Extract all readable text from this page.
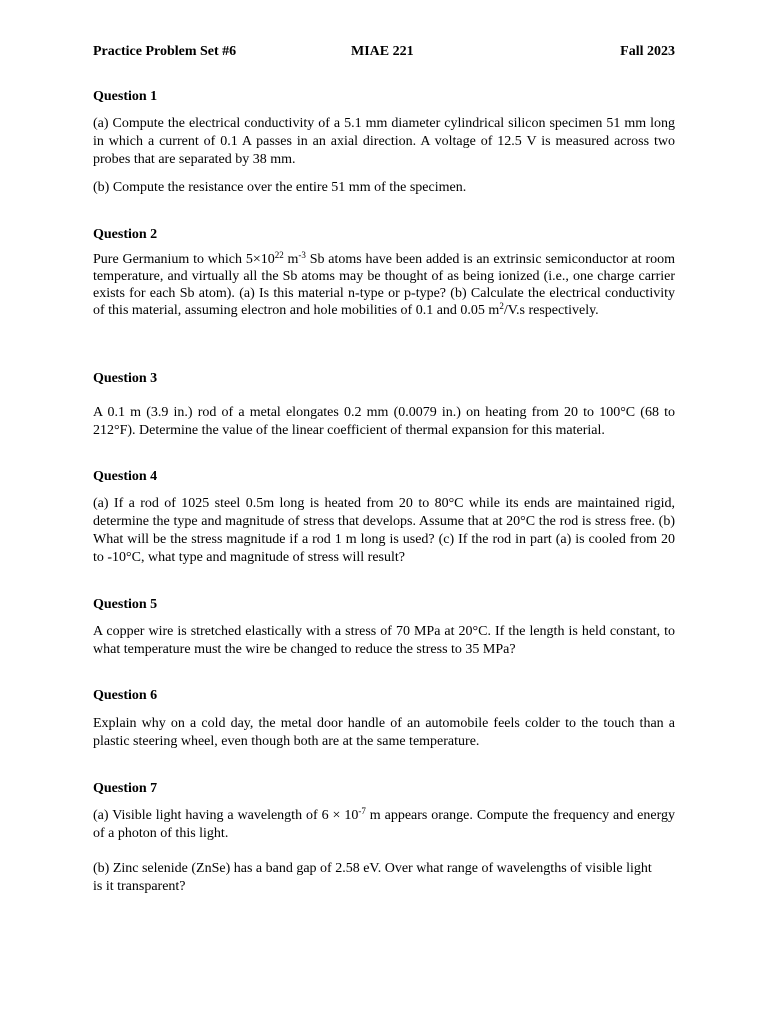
Practice Problem Set #6	MIAE 221	Fall 2023
Question 1

(a) Compute the electrical conductivity of a 5.1 mm diameter cylindrical silicon specimen 51 mm long in which a current of 0.1 A passes in an axial direction. A voltage of 12.5 V is measured across two probes that are separated by 38 mm.

(b) Compute the resistance over the entire 51 mm of the specimen.

Question 2

Pure Germanium to which $5\times 10^{22}$ $m^{-3}$ Sb atoms have been added is an extrinsic semiconductor at room temperature, and virtually all the Sb atoms may be thought of as being ionized (i.e., one charge carrier exists for each Sb atom). (a) Is this material n-type or p-type? (b) Calculate the electrical conductivity of this material, assuming electron and hole mobilities of 0.1 and 0.05 $m^2/V.s$ respectively.

Question 3

A 0.1 m (3.9 in.) rod of a metal elongates 0.2 mm (0.0079 in.) on heating from 20 to 100°C (68 to 212°F). Determine the value of the linear coefficient of thermal expansion for this material.

Question 4

(a) If a rod of 1025 steel 0.5m long is heated from 20 to 80°C while its ends are maintained rigid, determine the type and magnitude of stress that develops. Assume that at 20°C the rod is stress free. (b) What will be the stress magnitude if a rod 1 m long is used? (c) If the rod in part (a) is cooled from 20 to -10°C, what type and magnitude of stress will result?

Question 5

A copper wire is stretched elastically with a stress of 70 MPa at 20°C. If the length is held constant, to what temperature must the wire be changed to reduce the stress to 35 MPa?

Question 6

Explain why on a cold day, the metal door handle of an automobile feels colder to the touch than a plastic steering wheel, even though both are at the same temperature.

Question 7

(a) Visible light having a wavelength of $6 \times 10^{-7}$ m appears orange. Compute the frequency and energy of a photon of this light.

(b) Zinc selenide (ZnSe) has a band gap of 2.58 eV. Over what range of wavelengths of visible light is it transparent?
